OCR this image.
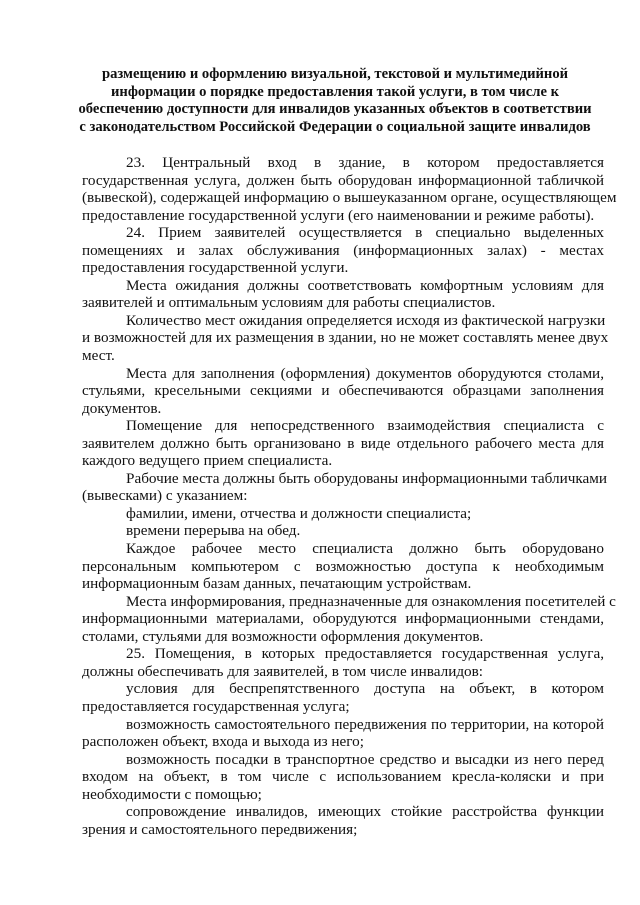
размещению и оформлению визуальной, текстовой и мультимедийной
информации о порядке предоставления такой услуги, в том числе к
обеспечению доступности для инвалидов указанных объектов в соответствии
с законодательством Российской Федерации о социальной защите инвалидов

23. Центральный вход в здание, в котором предоставляется
государственная услуга, должен быть оборудован информационной табличкой
(вывеской), содержащей информацию о вышеуказанном органе, осуществляющем
предоставление государственной услуги (его наименовании и режиме работы).

24. Прием заявителей осуществляется в специально выделенных
помещениях и залах обслуживания (информационных залах) - местах
предоставления государственной услуги.

Места ожидания должны соответствовать комфортным условиям для
заявителей и оптимальным условиям для работы специалистов.

Количество мест ожидания определяется исходя из фактической нагрузки
и возможностей для их размещения в здании, но не может составлять менее двух
мест.

Места для заполнения (оформления) документов оборудуются столами,
стульями, кресельными секциями и обеспечиваются образцами заполнения
документов.

Помещение для непосредственного взаимодействия специалиста с
заявителем должно быть организовано в виде отдельного рабочего места для
каждого ведущего прием специалиста.

Рабочие места должны быть оборудованы информационными табличками
(вывесками) с указанием:

фамилии, имени, отчества и должности специалиста;

времени перерыва на обед.

Каждое рабочее место специалиста должно быть оборудовано
персональным компьютером с возможностью доступа к необходимым
информационным базам данных, печатающим устройствам.

Места информирования, предназначенные для ознакомления посетителей с
информационными материалами, оборудуются информационными стендами,
столами, стульями для возможности оформления документов.

25. Помещения, в которых предоставляется государственная услуга,
должны обеспечивать для заявителей, в том числе инвалидов:

условия для беспрепятственного доступа на объект, в котором
предоставляется государственная услуга;

возможность самостоятельного передвижения по территории, на которой
расположен объект, входа и выхода из него;

возможность посадки в транспортное средство и высадки из него перед
входом на объект, в том числе с использованием кресла-коляски и при
необходимости с помощью;

сопровождение инвалидов, имеющих стойкие расстройства функции
зрения и самостоятельного передвижения;
